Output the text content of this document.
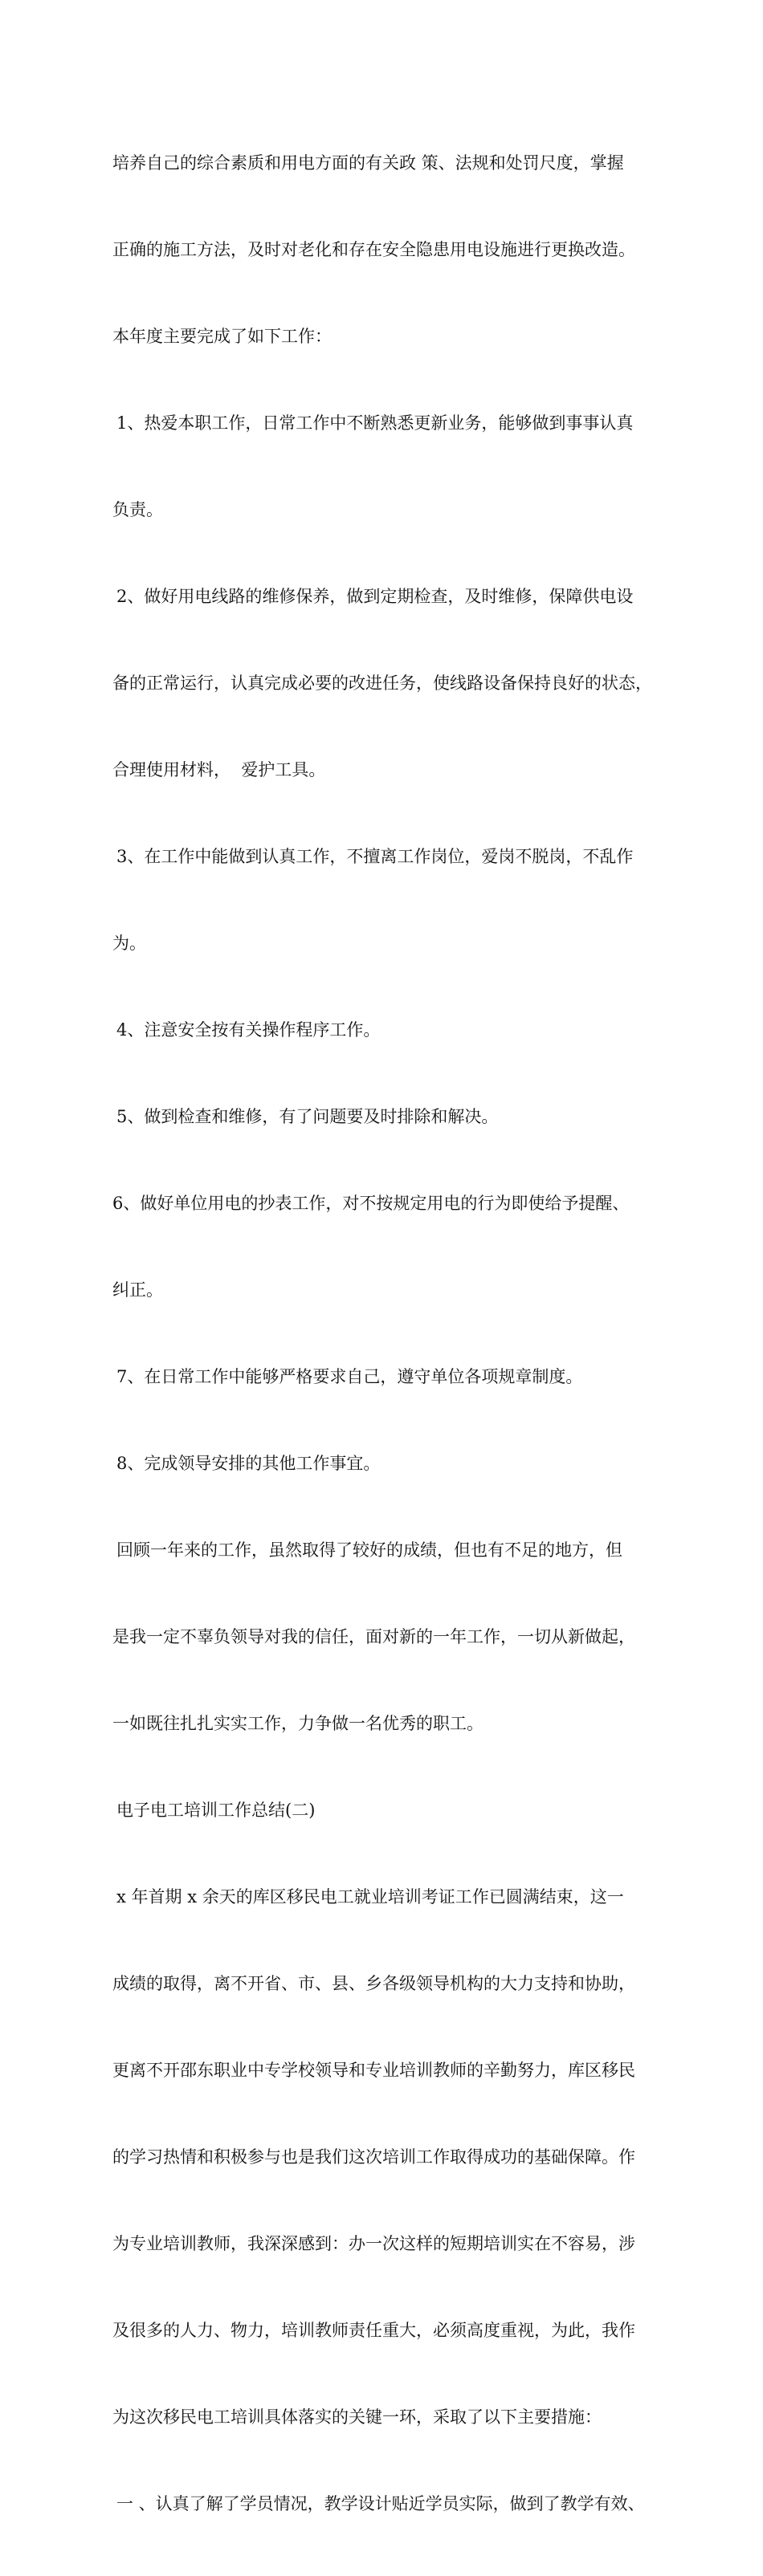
培养自己的综合素质和用电方面的有关政 策、法规和处罚尺度，掌握

正确的施工方法，及时对老化和存在安全隐患用电设施进行更换改造。

本年度主要完成了如下工作：

1、热爱本职工作，日常工作中不断熟悉更新业务，能够做到事事认真

负责。

2、做好用电线路的维修保养，做到定期检查，及时维修，保障供电设

备的正常运行，认真完成必要的改进任务，使线路设备保持良好的状态，

合理使用材料，  爱护工具。

3、在工作中能做到认真工作，不擅离工作岗位，爱岗不脱岗，不乱作

为。

4、注意安全按有关操作程序工作。

5、做到检查和维修，有了问题要及时排除和解决。

6、做好单位用电的抄表工作，对不按规定用电的行为即使给予提醒、

纠正。

7、在日常工作中能够严格要求自己，遵守单位各项规章制度。

8、完成领导安排的其他工作事宜。

回顾一年来的工作，虽然取得了较好的成绩，但也有不足的地方，但

是我一定不辜负领导对我的信任，面对新的一年工作，一切从新做起，

一如既往扎扎实实工作，力争做一名优秀的职工。

电子电工培训工作总结(二)

x 年首期 x 余天的库区移民电工就业培训考证工作已圆满结束，这一

成绩的取得，离不开省、市、县、乡各级领导机构的大力支持和协助，

更离不开邵东职业中专学校领导和专业培训教师的辛勤努力，库区移民

的学习热情和积极参与也是我们这次培训工作取得成功的基础保障。作

为专业培训教师，我深深感到：办一次这样的短期培训实在不容易，涉

及很多的人力、物力，培训教师责任重大，必须高度重视，为此，我作

为这次移民电工培训具体落实的关键一环，采取了以下主要措施：

一 、认真了解了学员情况，教学设计贴近学员实际，做到了教学有效、
